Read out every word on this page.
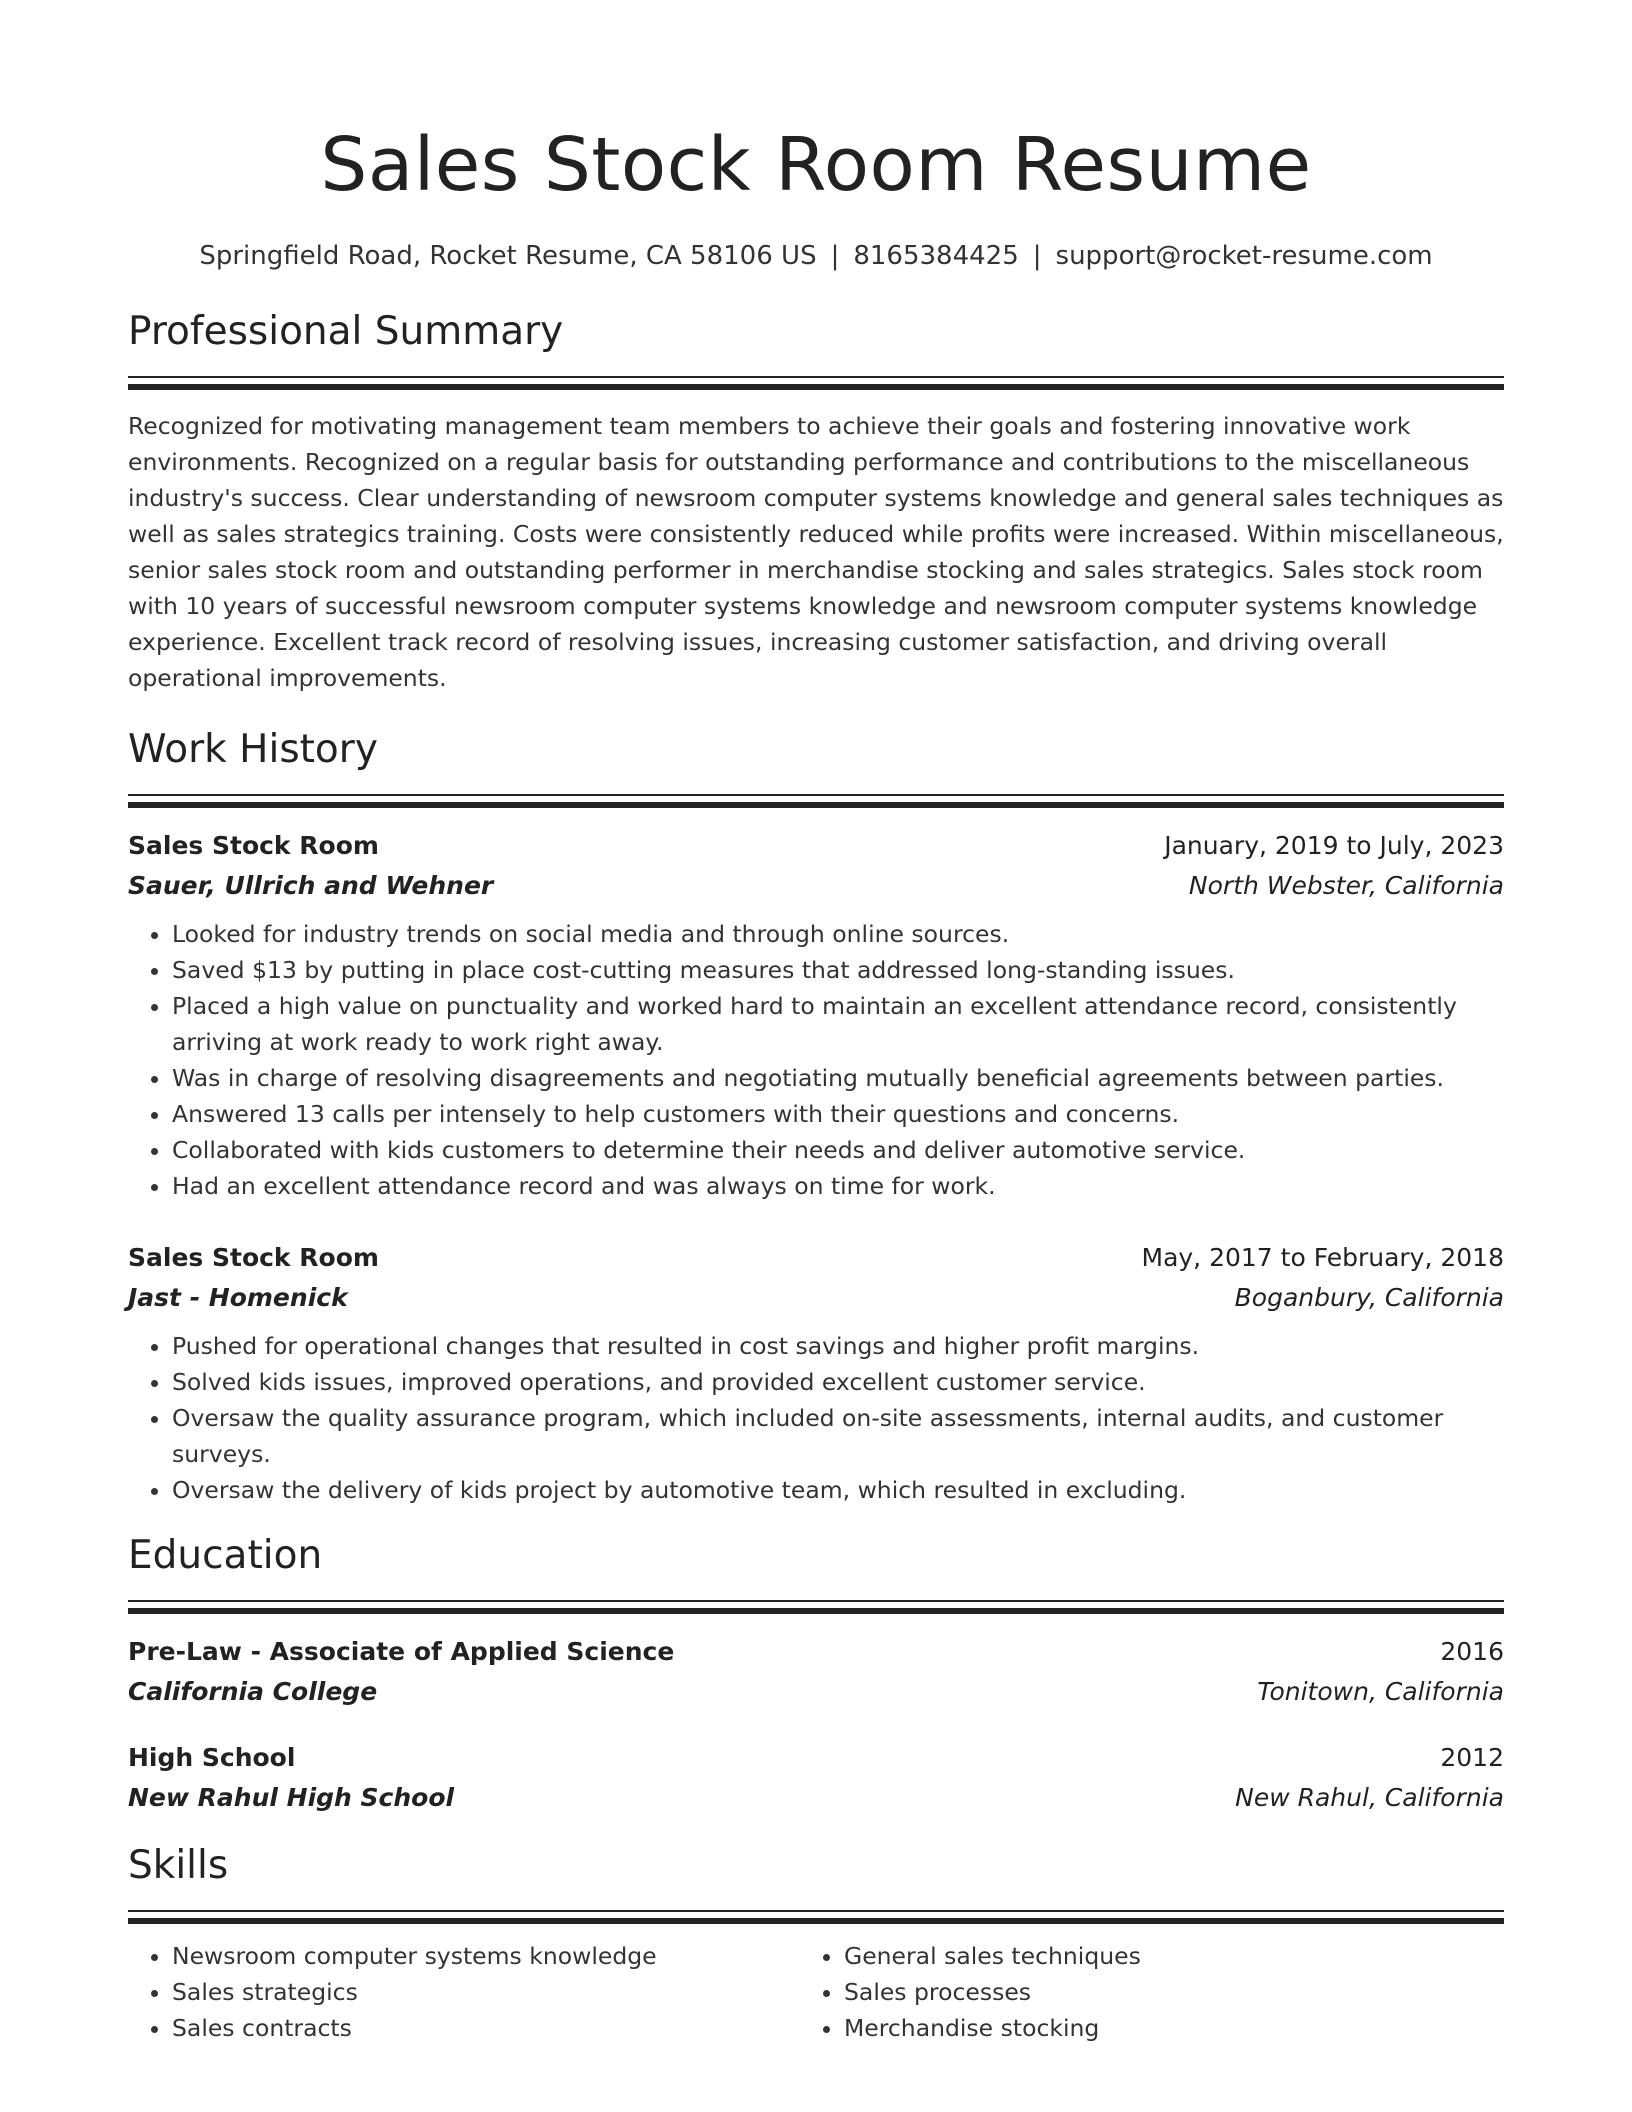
Sales Stock Room Resume
Springfield Road, Rocket Resume, CA 58106 US | 8165384425 | support@rocket-resume.com
Professional Summary

Recognized for motivating management team members to achieve their goals and fostering innovative work environments. Recognized on a regular basis for outstanding performance and contributions to the miscellaneous industry's success. Clear understanding of newsroom computer systems knowledge and general sales techniques as well as sales strategics training. Costs were consistently reduced while profits were increased. Within miscellaneous, senior sales stock room and outstanding performer in merchandise stocking and sales strategics. Sales stock room with 10 years of successful newsroom computer systems knowledge and newsroom computer systems knowledge experience. Excellent track record of resolving issues, increasing customer satisfaction, and driving overall operational improvements.

Work History
Sales Stock Room	January, 2019 to July, 2023
Sauer, Ullrich and Wehner	North Webster, California
• Looked for industry trends on social media and through online sources.
• Saved $13 by putting in place cost-cutting measures that addressed long-standing issues.
• Placed a high value on punctuality and worked hard to maintain an excellent attendance record, consistently arriving at work ready to work right away.
• Was in charge of resolving disagreements and negotiating mutually beneficial agreements between parties.
• Answered 13 calls per intensely to help customers with their questions and concerns.
• Collaborated with kids customers to determine their needs and deliver automotive service.
• Had an excellent attendance record and was always on time for work.
Sales Stock Room	May, 2017 to February, 2018
Jast - Homenick	Boganbury, California
• Pushed for operational changes that resulted in cost savings and higher profit margins.
• Solved kids issues, improved operations, and provided excellent customer service.
• Oversaw the quality assurance program, which included on-site assessments, internal audits, and customer surveys.
• Oversaw the delivery of kids project by automotive team, which resulted in excluding.
Education
Pre-Law - Associate of Applied Science	2016
California College	Tonitown, California
High School	2012
New Rahul High School	New Rahul, California
Skills
• Newsroom computer systems knowledge
• Sales strategics
• Sales contracts
• General sales techniques
• Sales processes
• Merchandise stocking
